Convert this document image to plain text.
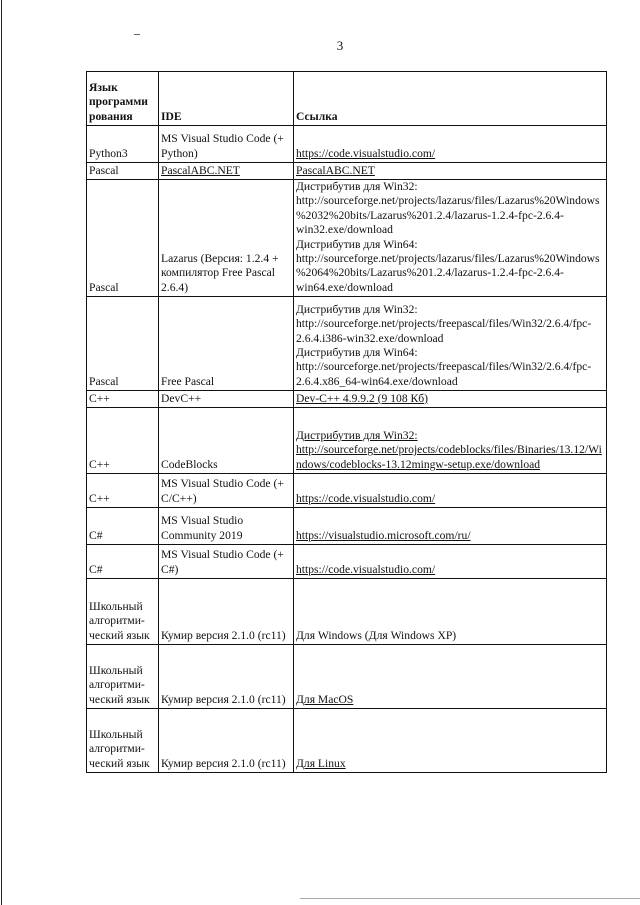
3
Язык программи рования	IDE	Ссылка
Python3	MS Visual Studio Code (+ Python)	https://code.visualstudio.com/

Pascal	PascalABC.NET	PascalABC.NET

Pascal	Lazarus (Версия: 1.2.4 + компилятор Free Pascal 2.6.4)	Дистрибутив для Win32:
http://sourceforge.net/projects/lazarus/files/Lazarus%20Windows%2032%20bits/Lazarus%201.2.4/lazarus-1.2.4-fpc-2.6.4-win32.exe/download
Дистрибутив для Win64:
http://sourceforge.net/projects/lazarus/files/Lazarus%20Windows%2064%20bits/Lazarus%201.2.4/lazarus-1.2.4-fpc-2.6.4-win64.exe/download

Pascal	Free Pascal	Дистрибутив для Win32:
http://sourceforge.net/projects/freepascal/files/Win32/2.6.4/fpc-2.6.4.i386-win32.exe/download
Дистрибутив для Win64:
http://sourceforge.net/projects/freepascal/files/Win32/2.6.4/fpc-2.6.4.x86_64-win64.exe/download

C++	DevC++	Dev-C++ 4.9.9.2 (9 108 Кб)

C++	CodeBlocks	Дистрибутив для Win32:
http://sourceforge.net/projects/codeblocks/files/Binaries/13.12/Windows/codeblocks-13.12mingw-setup.exe/download

C++	MS Visual Studio Code (+ C/C++)	https://code.visualstudio.com/

C#	MS Visual Studio Community 2019	https://visualstudio.microsoft.com/ru/

C#	MS Visual Studio Code (+ C#)	https://code.visualstudio.com/

Школьный алгоритми-ческий язык	Кумир версия 2.1.0 (rc11)	Для Windows (Для Windows XP)

Школьный алгоритми-ческий язык	Кумир версия 2.1.0 (rc11)	Для MacOS

Школьный алгоритми-ческий язык	Кумир версия 2.1.0 (rc11)	Для Linux
